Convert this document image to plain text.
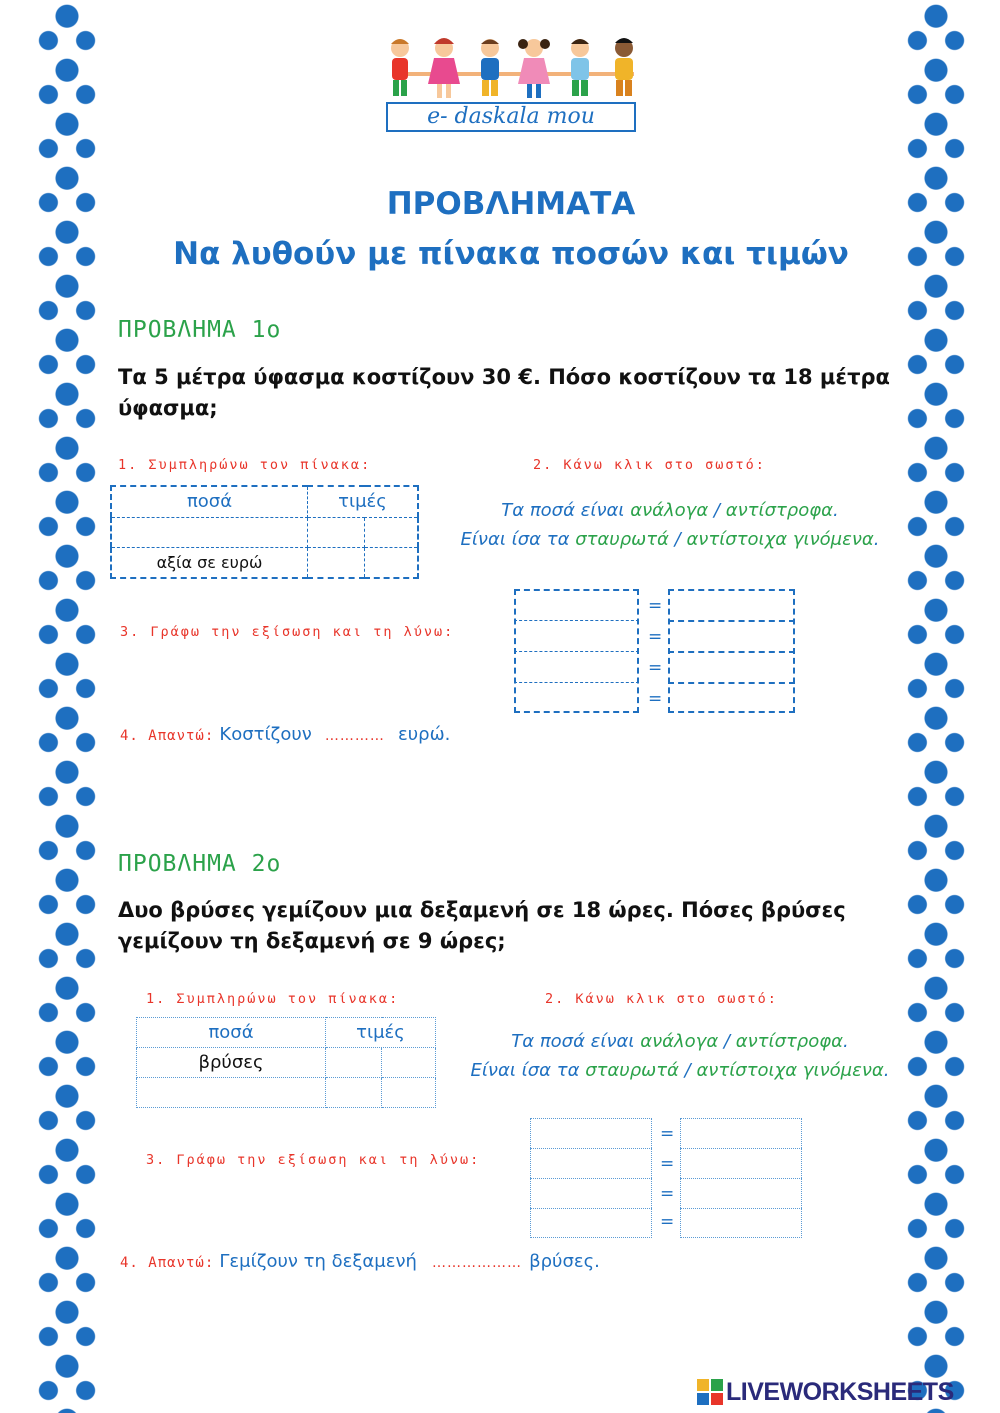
e- daskala mou
ΠΡΟΒΛΗΜΑΤΑ
Να λυθούν με πίνακα ποσών και τιμών
ΠΡΟΒΛΗΜΑ 1ο
Τα 5 μέτρα ύφασμα κοστίζουν 30 €. Πόσο κοστίζουν τα 18 μέτρα ύφασμα;
1. Συμπληρώνω τον πίνακα:	2. Κάνω κλικ στο σωστό:
ποσά	τιμές	

αξία σε ευρώ		
Τα ποσά είναι ανάλογα / αντίστροφα.
Είναι ίσα τα σταυρωτά / αντίστοιχα γινόμενα.
3. Γράφω την εξίσωση και τη λύνω:
=
=
=
=
4. Απαντώ: Κοστίζουν ………… ευρώ.
ΠΡΟΒΛΗΜΑ 2ο
Δυο βρύσες γεμίζουν μια δεξαμενή σε 18 ώρες. Πόσες βρύσες γεμίζουν τη δεξαμενή σε 9 ώρες;
1. Συμπληρώνω τον πίνακα:	2. Κάνω κλικ στο σωστό:
ποσά	τιμές	
βρύσες		

Τα ποσά είναι ανάλογα / αντίστροφα.
Είναι ίσα τα σταυρωτά / αντίστοιχα γινόμενα.
3. Γράφω την εξίσωση και τη λύνω:
=
=
=
=
4. Απαντώ: Γεμίζουν τη δεξαμενή ……………… βρύσες.
LIVEWORKSHEETS
